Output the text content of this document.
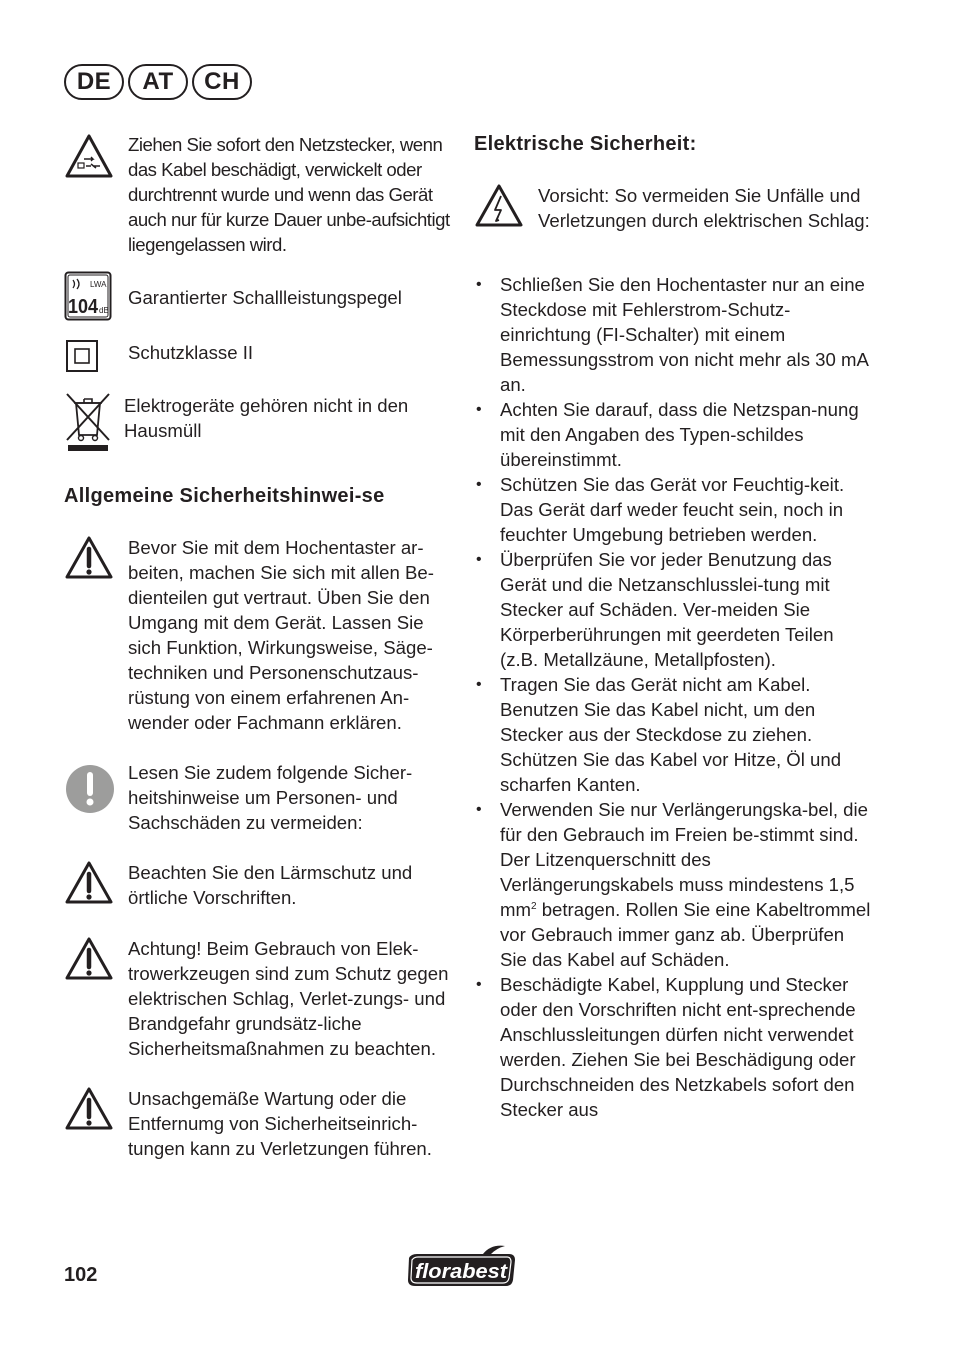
DE	AT	CH
Ziehen Sie sofort den Netzstecker, wenn das Kabel beschädigt, verwickelt oder durchtrennt wurde und wenn das Gerät auch nur für kurze Dauer unbe-aufsichtigt liegengelassen wird.
LWA
104 dB
Garantierter Schallleistungspegel
Schutzklasse II
Elektrogeräte gehören nicht in den Hausmüll
Allgemeine Sicherheitshinwei-se
Bevor Sie mit dem Hochentaster ar-beiten, machen Sie sich mit allen Be-dienteilen gut vertraut. Üben Sie den Umgang mit dem Gerät. Lassen Sie sich Funktion, Wirkungsweise, Säge-techniken und Personenschutzaus-rüstung von einem erfahrenen An-wender oder Fachmann erklären.
Lesen Sie zudem folgende Sicher-heitshinweise um Personen- und Sachschäden zu vermeiden:
Beachten Sie den Lärmschutz und örtliche Vorschriften.
Achtung! Beim Gebrauch von Elek-trowerkzeugen sind zum Schutz gegen elektrischen Schlag, Verlet-zungs- und Brandgefahr grundsätz-liche Sicherheitsmaßnahmen zu beachten.
Unsachgemäße Wartung oder die Entfernumg von Sicherheitseinrich-tungen kann zu Verletzungen führen.
Elektrische Sicherheit:
Vorsicht: So vermeiden Sie Unfälle und Verletzungen durch elektrischen Schlag:
• Schließen Sie den Hochentaster nur an eine Steckdose mit Fehlerstrom-Schutz-einrichtung (FI-Schalter) mit einem Bemessungsstrom von nicht mehr als 30 mA an.
• Achten Sie darauf, dass die Netzspan-nung mit den Angaben des Typen-schildes übereinstimmt.
• Schützen Sie das Gerät vor Feuchtig-keit. Das Gerät darf weder feucht sein, noch in feuchter Umgebung betrieben werden.
• Überprüfen Sie vor jeder Benutzung das Gerät und die Netzanschlusslei-tung mit Stecker auf Schäden. Ver-meiden Sie Körperberührungen mit geerdeten Teilen (z.B. Metallzäune, Metallpfosten).
• Tragen Sie das Gerät nicht am Kabel. Benutzen Sie das Kabel nicht, um den Stecker aus der Steckdose zu ziehen. Schützen Sie das Kabel vor Hitze, Öl und scharfen Kanten.
• Verwenden Sie nur Verlängerungska-bel, die für den Gebrauch im Freien be-stimmt sind. Der Litzenquerschnitt des Verlängerungskabels muss mindestens 1,5 $mm^2$ betragen. Rollen Sie eine Kabeltrommel vor Gebrauch immer ganz ab. Überprüfen Sie das Kabel auf Schäden.
• Beschädigte Kabel, Kupplung und Stecker oder den Vorschriften nicht ent-sprechende Anschlussleitungen dürfen nicht verwendet werden. Ziehen Sie bei Beschädigung oder Durchschneiden des Netzkabels sofort den Stecker aus
102	florabest
